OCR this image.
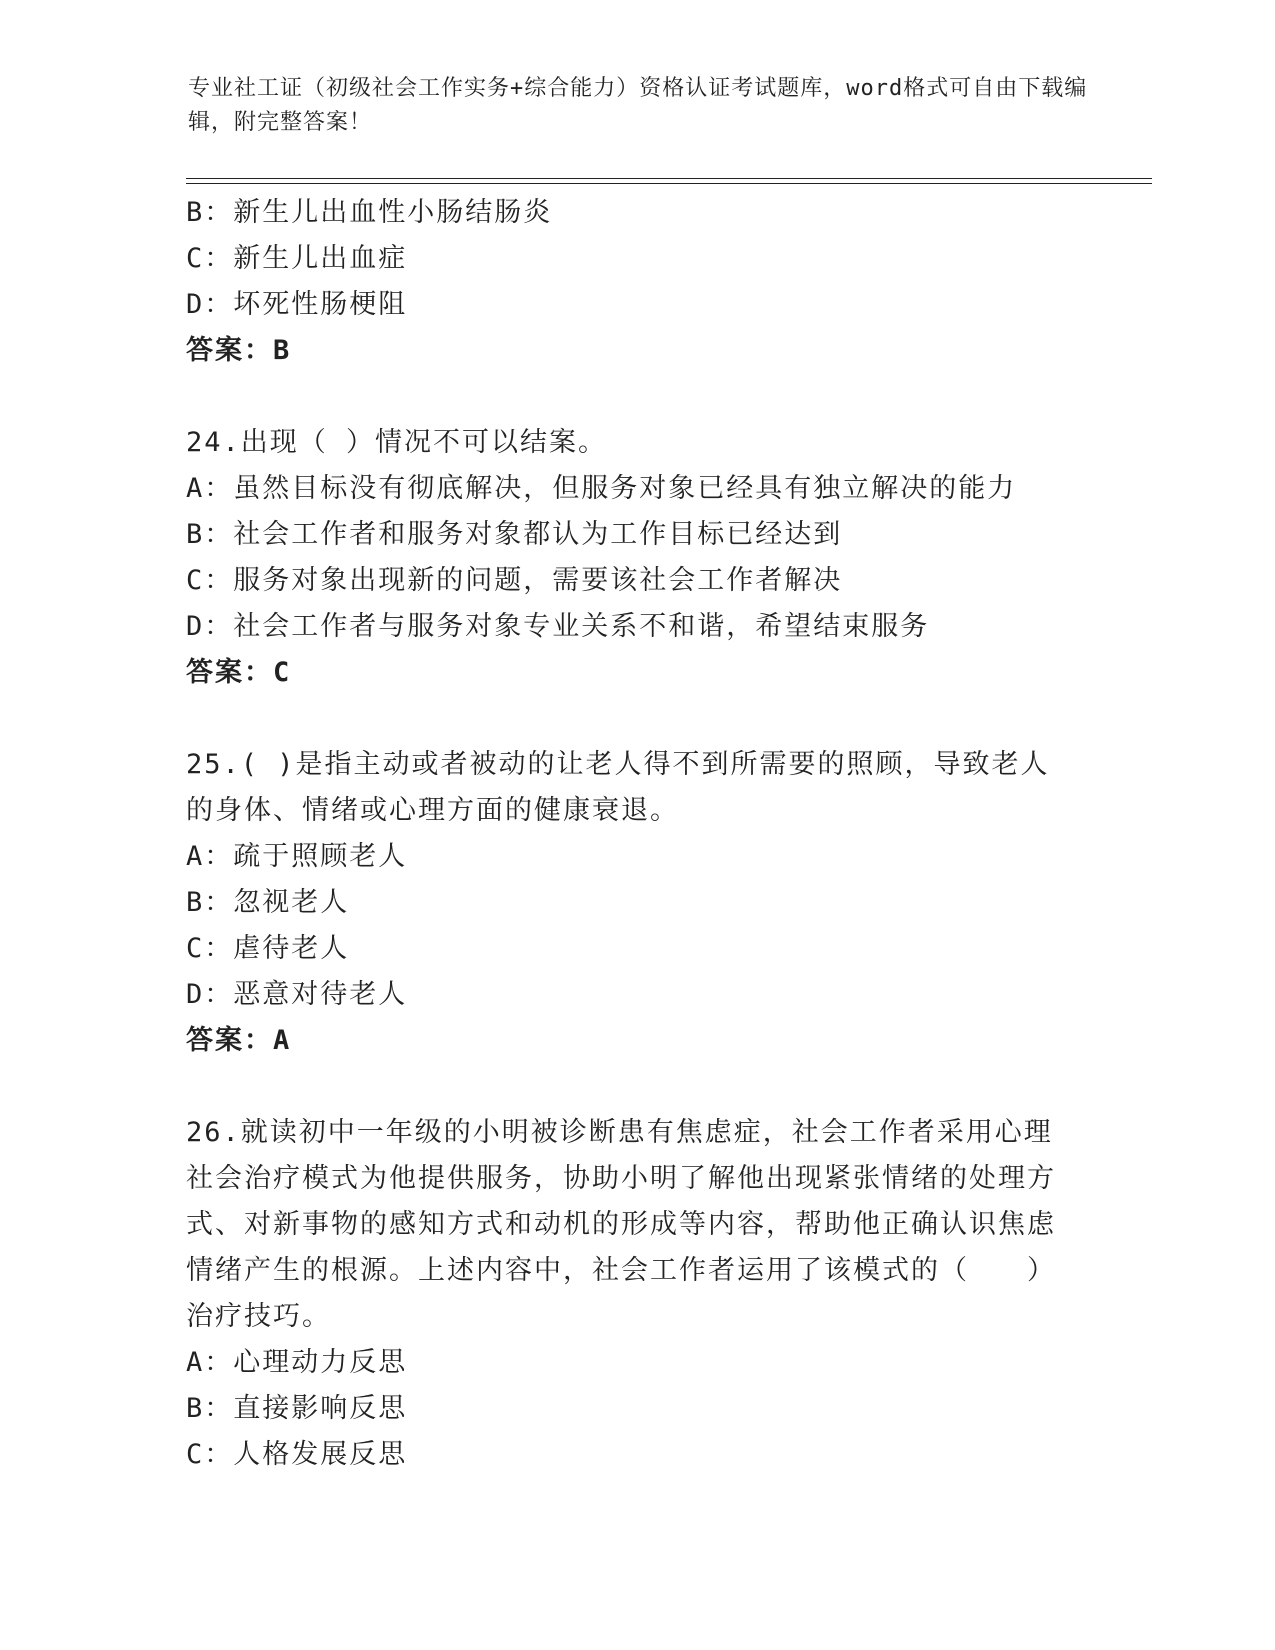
专业社工证（初级社会工作实务+综合能力）资格认证考试题库，word格式可自由下载编辑，附完整答案！
B：新生儿出血性小肠结肠炎
C：新生儿出血症
D：坏死性肠梗阻
答案：B
24.出现（ ）情况不可以结案。
A：虽然目标没有彻底解决，但服务对象已经具有独立解决的能力
B：社会工作者和服务对象都认为工作目标已经达到
C：服务对象出现新的问题，需要该社会工作者解决
D：社会工作者与服务对象专业关系不和谐，希望结束服务
答案：C
25.( )是指主动或者被动的让老人得不到所需要的照顾，导致老人的身体、情绪或心理方面的健康衰退。
A：疏于照顾老人
B：忽视老人
C：虐待老人
D：恶意对待老人
答案：A
26.就读初中一年级的小明被诊断患有焦虑症，社会工作者采用心理社会治疗模式为他提供服务，协助小明了解他出现紧张情绪的处理方式、对新事物的感知方式和动机的形成等内容，帮助他正确认识焦虑情绪产生的根源。上述内容中，社会工作者运用了该模式的（　　）治疗技巧。
A：心理动力反思
B：直接影响反思
C：人格发展反思
